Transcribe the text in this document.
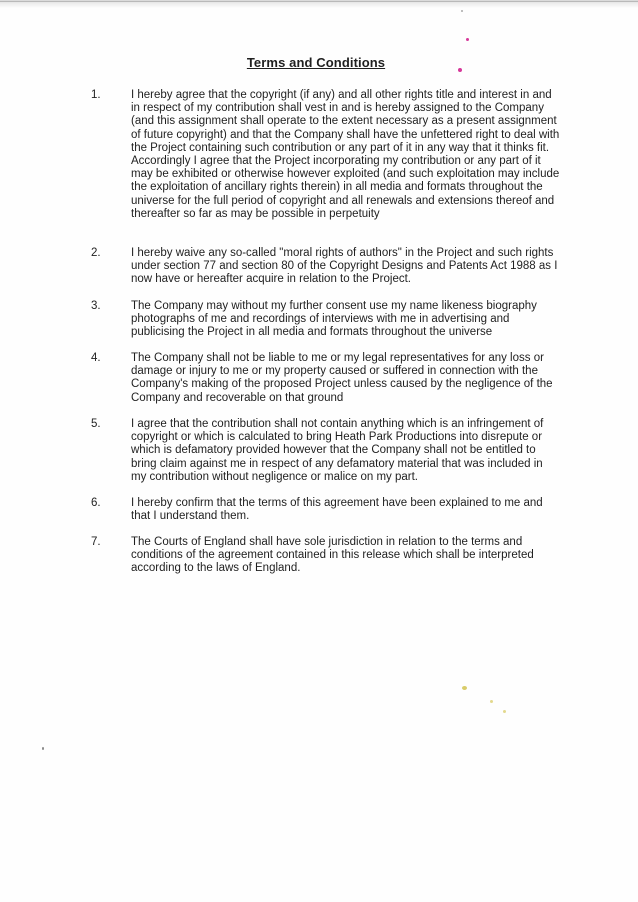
Terms and Conditions
1.	I hereby agree that the copyright (if any) and all other rights title and interest in and in respect of my contribution shall vest in and is hereby assigned to the Company (and this assignment shall operate to the extent necessary as a present assignment of future copyright) and that the Company shall have the unfettered right to deal with the Project containing such contribution or any part of it in any way that it thinks fit. Accordingly I agree that the Project incorporating my contribution or any part of it may be exhibited or otherwise however exploited (and such exploitation may include the exploitation of ancillary rights therein) in all media and formats throughout the universe for the full period of copyright and all renewals and extensions thereof and thereafter so far as may be possible in perpetuity
2.	I hereby waive any so-called "moral rights of authors" in the Project and such rights under section 77 and section 80 of the Copyright Designs and Patents Act 1988 as I now have or hereafter acquire in relation to the Project.
3.	The Company may without my further consent use my name likeness biography photographs of me and recordings of interviews with me in advertising and publicising the Project in all media and formats throughout the universe
4.	The Company shall not be liable to me or my legal representatives for any loss or damage or injury to me or my property caused or suffered in connection with the Company's making of the proposed Project unless caused by the negligence of the Company and recoverable on that ground
5.	I agree that the contribution shall not contain anything which is an infringement of copyright or which is calculated to bring Heath Park Productions into disrepute or which is defamatory provided however that the Company shall not be entitled to bring claim against me in respect of any defamatory material that was included in my contribution without negligence or malice on my part.
6.	I hereby confirm that the terms of this agreement have been explained to me and that I understand them.
7.	The Courts of England shall have sole jurisdiction in relation to the terms and conditions of the agreement contained in this release which shall be interpreted according to the laws of England.
